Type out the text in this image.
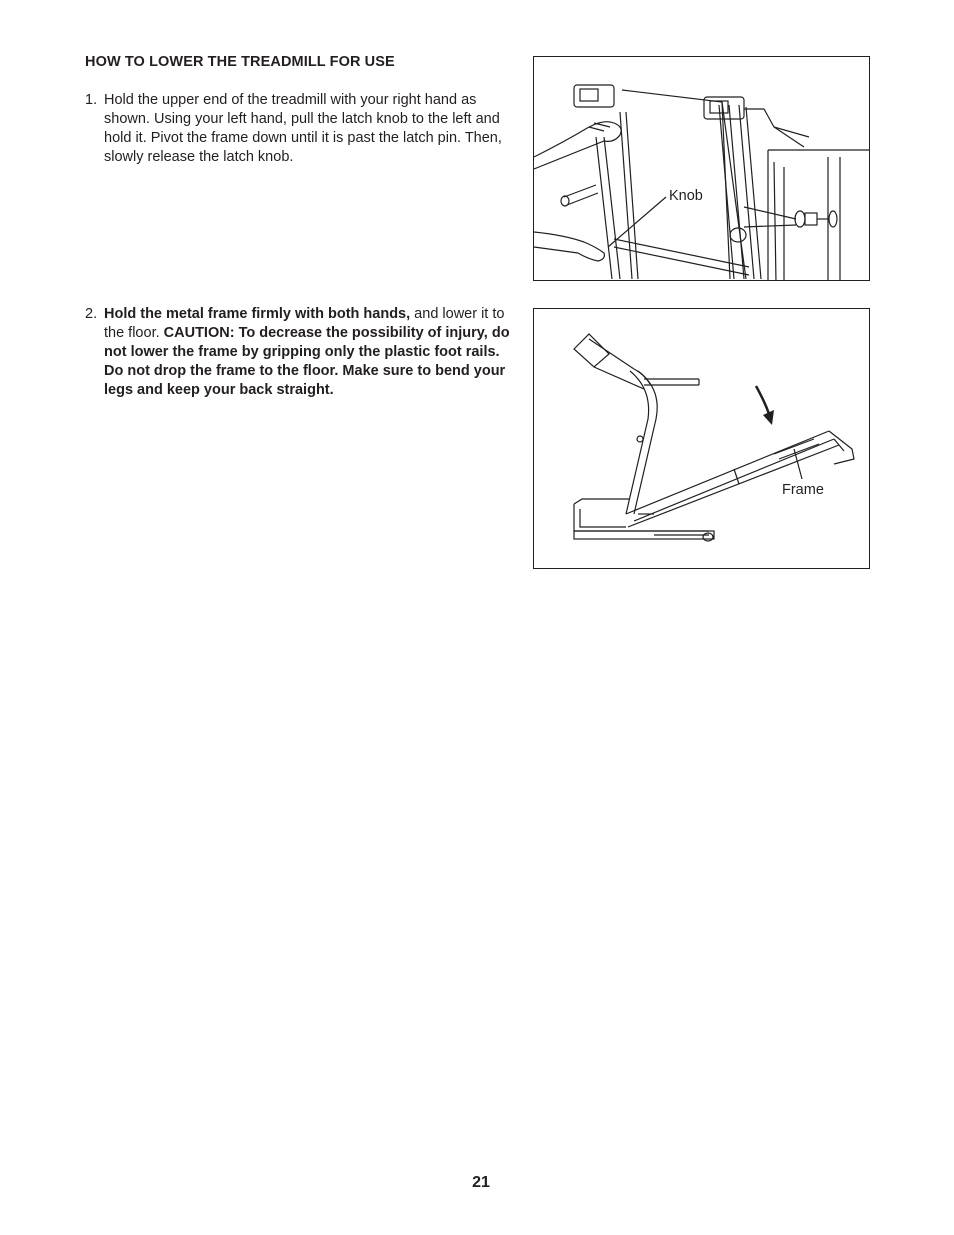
HOW TO LOWER THE TREADMILL FOR USE
1. Hold the upper end of the treadmill with your right hand as shown. Using your left hand, pull the latch knob to the left and hold it. Pivot the frame down until it is past the latch pin. Then, slowly release the latch knob.
2. Hold the metal frame firmly with both hands, and lower it to the floor. CAUTION: To decrease the possibility of injury, do not lower the frame by gripping only the plastic foot rails. Do not drop the frame to the floor. Make sure to bend your legs and keep your back straight.
Knob
Frame
21
